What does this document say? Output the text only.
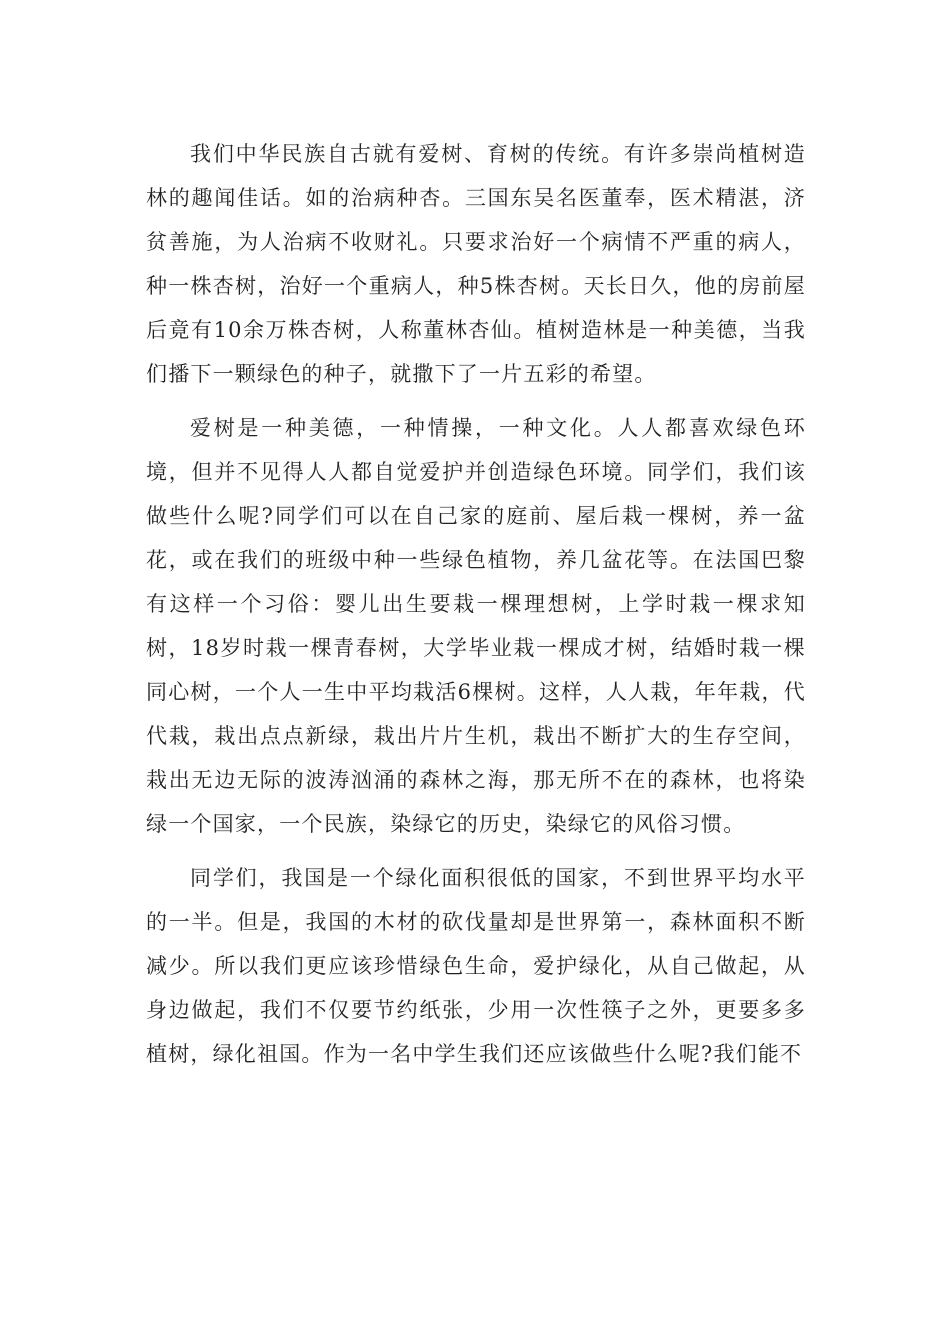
我们中华民族自古就有爱树、育树的传统。有许多崇尚植树造林的趣闻佳话。如的治病种杏。三国东吴名医董奉，医术精湛，济贫善施，为人治病不收财礼。只要求治好一个病情不严重的病人，种一株杏树，治好一个重病人，种5株杏树。天长日久，他的房前屋后竟有10余万株杏树，人称董林杏仙。植树造林是一种美德，当我们播下一颗绿色的种子，就撒下了一片五彩的希望。

爱树是一种美德，一种情操，一种文化。人人都喜欢绿色环境，但并不见得人人都自觉爱护并创造绿色环境。同学们，我们该做些什么呢?同学们可以在自己家的庭前、屋后栽一棵树，养一盆花，或在我们的班级中种一些绿色植物，养几盆花等。在法国巴黎有这样一个习俗：婴儿出生要栽一棵理想树，上学时栽一棵求知树，18岁时栽一棵青春树，大学毕业栽一棵成才树，结婚时栽一棵同心树，一个人一生中平均栽活6棵树。这样，人人栽，年年栽，代代栽，栽出点点新绿，栽出片片生机，栽出不断扩大的生存空间，栽出无边无际的波涛汹涌的森林之海，那无所不在的森林，也将染绿一个国家，一个民族，染绿它的历史，染绿它的风俗习惯。

同学们，我国是一个绿化面积很低的国家，不到世界平均水平的一半。但是，我国的木材的砍伐量却是世界第一，森林面积不断减少。所以我们更应该珍惜绿色生命，爱护绿化，从自己做起，从身边做起，我们不仅要节约纸张，少用一次性筷子之外，更要多多植树，绿化祖国。作为一名中学生我们还应该做些什么呢?我们能不
